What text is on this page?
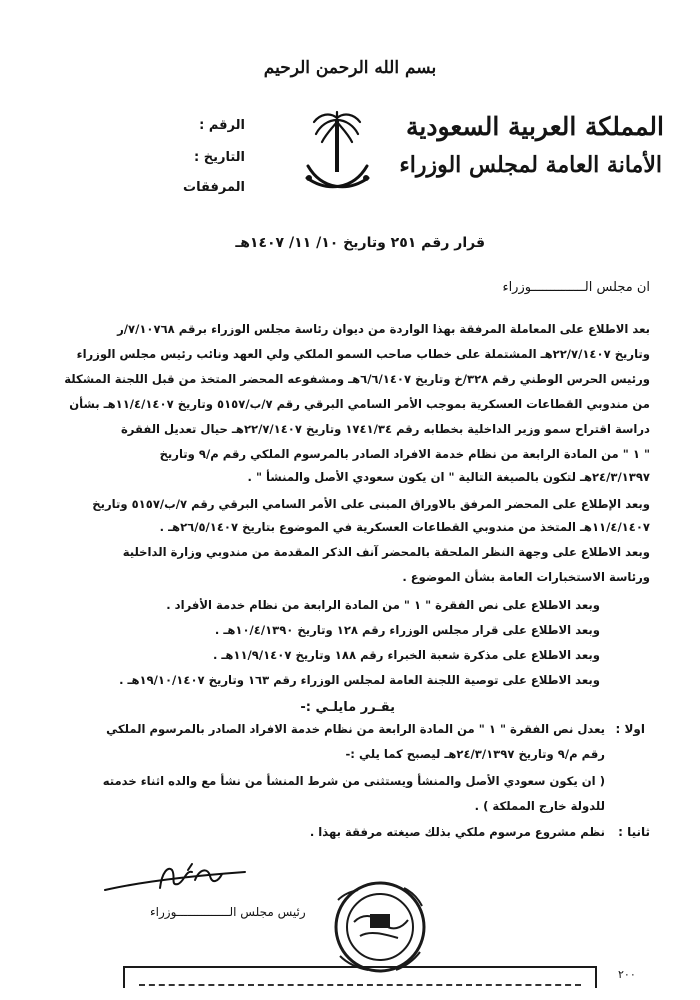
بسم الله الرحمن الرحيم
المملكة العربية السعودية
الأمانة العامة لمجلس الوزراء
الرقم :
التاريخ :
المرفقات
قرار رقم ٢٥١ وتاريخ ١٠/ ١١/ ١٤٠٧هـ
ان مجلس الــــــــــــــوزراء
بعد الاطلاع على المعاملة المرفقة بهذا الواردة من ديوان رئاسة مجلس الوزراء برقم ٧/١٠٧٦٨/ر
وتاريخ ٢٢/٧/١٤٠٧هـ المشتملة على خطاب صاحب السمو الملكي ولي العهد ونائب رئيس مجلس الوزراء
ورئيس الحرس الوطني رقم ٣٢٨/خ وتاريخ ٦/٦/١٤٠٧هـ ومشفوعه المحضر المتخذ من قبل اللجنة المشكلة
من مندوبي القطاعات العسكرية بموجب الأمر السامي البرقي رقم ٧/ب/٥١٥٧ وتاريخ ١١/٤/١٤٠٧هـ بشأن
دراسة اقتراح سمو وزير الداخلية بخطابه رقم ١٧٤١/٣٤ وتاريخ ٢٢/٧/١٤٠٧هـ حيال تعديل الفقرة
" ١ " من المادة الرابعة من نظام خدمة الافراد الصادر بالمرسوم الملكي رقم م/٩ وتاريخ
٢٤/٣/١٣٩٧هـ لتكون بالصيغة التالية " ان يكون سعودي الأصل والمنشأ " .
وبعد الإطلاع على المحضر المرفق بالاوراق المبنى على الأمر السامي البرقي رقم ٧/ب/٥١٥٧ وتاريخ
١١/٤/١٤٠٧هـ المتخذ من مندوبي القطاعات العسكرية في الموضوع بتاريخ ٢٦/٥/١٤٠٧هـ .
وبعد الاطلاع على وجهة النظر الملحقة بالمحضر آنف الذكر المقدمة من مندوبي وزارة الداخلية
ورئاسة الاستخبارات العامة بشأن الموضوع .
وبعد الاطلاع على نص الفقرة " ١ " من المادة الرابعة من نظام خدمة الأفراد .
وبعد الاطلاع على قرار مجلس الوزراء رقم ١٢٨ وتاريخ ١٠/٤/١٣٩٠هـ .
وبعد الاطلاع على مذكرة شعبة الخبراء رقم ١٨٨ وتاريخ ١١/٩/١٤٠٧هـ .
وبعد الاطلاع على توصية اللجنة العامة لمجلس الوزراء رقم ١٦٣ وتاريخ ١٩/١٠/١٤٠٧هـ .
يقـرر مايلـي :-
اولا :
يعدل نص الفقرة " ١ " من المادة الرابعة من نظام خدمة الافراد الصادر بالمرسوم الملكي
رقم م/٩ وتاريخ ٢٤/٣/١٣٩٧هـ ليصبح كما يلي :-
( ان يكون سعودي الأصل والمنشأ ويستثنى من شرط المنشأ من نشأ مع والده اثناء خدمته
للدولة خارج المملكة ) .
ثانيا :
نظم مشروع مرسوم ملكي بذلك صيغته مرفقة بهذا .
رئيس مجلس الـــــــــــــــوزراء
٢٠٠
